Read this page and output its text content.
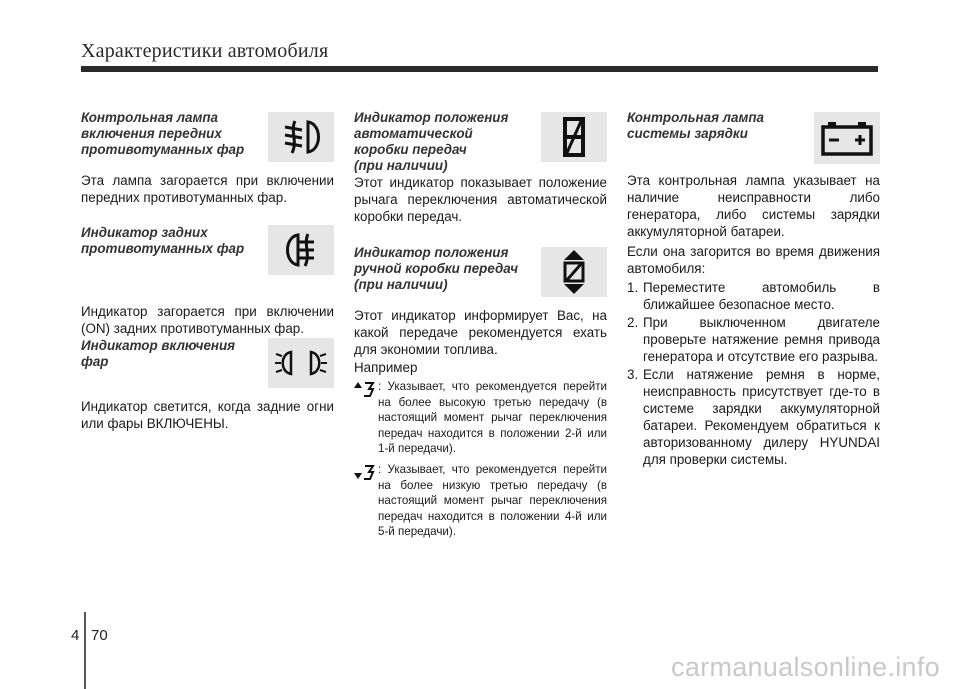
Характеристики автомобиля
Контрольная лампа
включения передних
противотуманных фар

Эта лампа загорается при включении передних противотуманных фар.

Индикатор задних
противотуманных фар

Индикатор загорается при включении (ON) задних противотуманных фар.

Индикатор включения
фар

Индикатор светится, когда задние огни или фары ВКЛЮЧЕНЫ.

Индикатор положения
автоматической
коробки передач
(при наличии)

Этот индикатор показывает положение рычага переключения автоматической коробки передач.

Индикатор положения
ручной коробки передач
(при наличии)

Этот индикатор информирует Вас, на какой передаче рекомендуется ехать для экономии топлива.

Например

: Указывает, что рекомендуется перейти на более высокую третью передачу (в настоящий момент рычаг переключения передач находится в положении 2-й или 1-й передачи).
: Указывает, что рекомендуется перейти на более низкую третью передачу (в настоящий момент рычаг переключения передач находится в положении 4-й или 5-й передачи).
Контрольная лампа
системы зарядки

Эта контрольная лампа указывает на наличие неисправности либо генератора, либо системы зарядки аккумуляторной батареи.

Если она загорится во время движения автомобиля:

1. Переместите автомобиль в ближайшее безопасное место.
2. При выключенном двигателе проверьте натяжение ремня привода генератора и отсутствие его разрыва.
3. Если натяжение ремня в норме, неисправность присутствует где-то в системе зарядки аккумуляторной батареи. Рекомендуем обратиться к авторизованному дилеру HYUNDAI для проверки системы.
4 70
carmanualsonline.info
